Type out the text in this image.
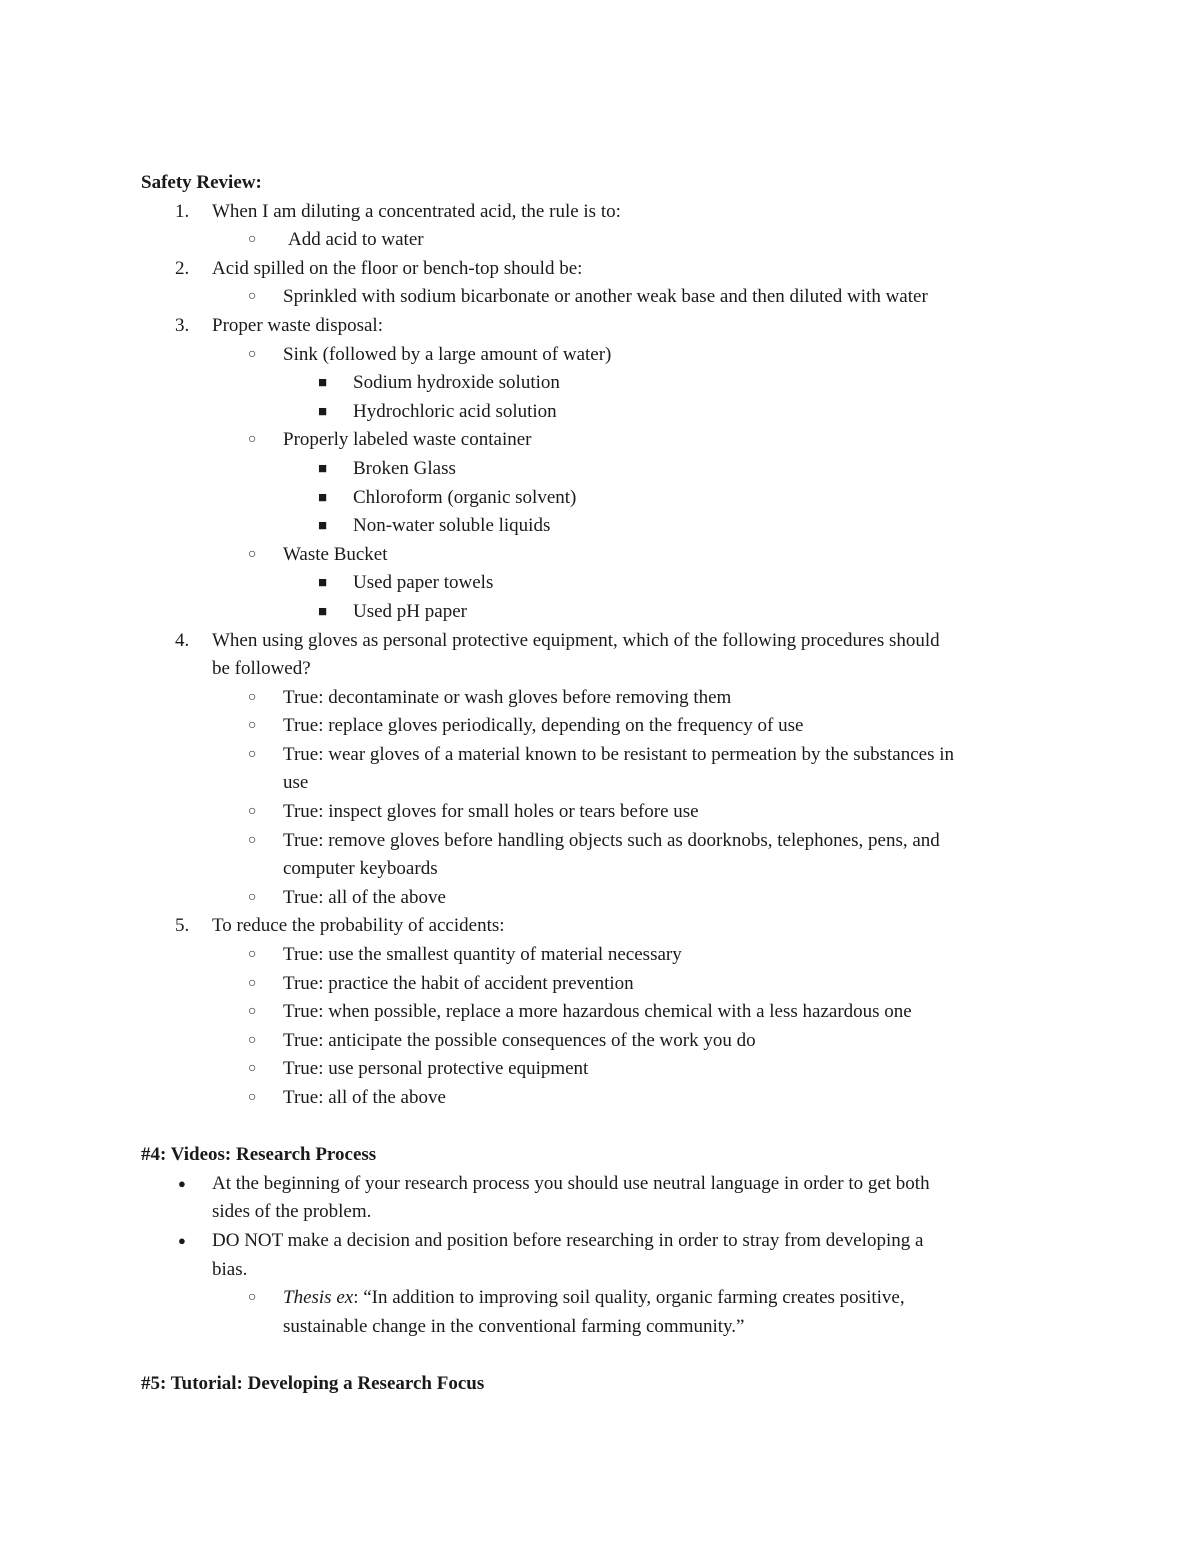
Safety Review:
1. When I am diluting a concentrated acid, the rule is to:
○ Add acid to water
2. Acid spilled on the floor or bench-top should be:
○ Sprinkled with sodium bicarbonate or another weak base and then diluted with water
3. Proper waste disposal:
○ Sink (followed by a large amount of water)
■ Sodium hydroxide solution
■ Hydrochloric acid solution
○ Properly labeled waste container
■ Broken Glass
■ Chloroform (organic solvent)
■ Non-water soluble liquids
○ Waste Bucket
■ Used paper towels
■ Used pH paper
4. When using gloves as personal protective equipment, which of the following procedures should
be followed?
○ True: decontaminate or wash gloves before removing them
○ True: replace gloves periodically, depending on the frequency of use
○ True: wear gloves of a material known to be resistant to permeation by the substances in
use
○ True: inspect gloves for small holes or tears before use
○ True: remove gloves before handling objects such as doorknobs, telephones, pens, and
computer keyboards
○ True: all of the above
5. To reduce the probability of accidents:
○ True: use the smallest quantity of material necessary
○ True: practice the habit of accident prevention
○ True: when possible, replace a more hazardous chemical with a less hazardous one
○ True: anticipate the possible consequences of the work you do
○ True: use personal protective equipment
○ True: all of the above
#4: Videos: Research Process
● At the beginning of your research process you should use neutral language in order to get both
sides of the problem.
● DO NOT make a decision and position before researching in order to stray from developing a
bias.
○ Thesis ex: “In addition to improving soil quality, organic farming creates positive,
sustainable change in the conventional farming community.”
#5: Tutorial: Developing a Research Focus
